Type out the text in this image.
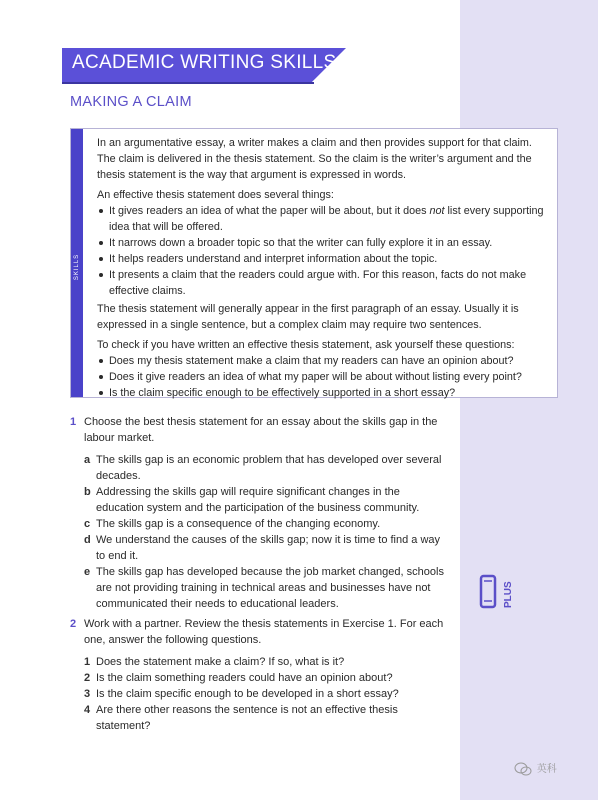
ACADEMIC WRITING SKILLS
MAKING A CLAIM
SKILLS

In an argumentative essay, a writer makes a claim and then provides support for that claim. The claim is delivered in the thesis statement. So the claim is the writer’s argument and the thesis statement is the way that argument is expressed in words.

An effective thesis statement does several things:

It gives readers an idea of what the paper will be about, but it does not list every supporting idea that will be offered.
It narrows down a broader topic so that the writer can fully explore it in an essay.
It helps readers understand and interpret information about the topic.
It presents a claim that the readers could argue with. For this reason, facts do not make effective claims.

The thesis statement will generally appear in the first paragraph of an essay. Usually it is expressed in a single sentence, but a complex claim may require two sentences.

To check if you have written an effective thesis statement, ask yourself these questions:

Does my thesis statement make a claim that my readers can have an opinion about?
Does it give readers an idea of what my paper will be about without listing every point?
Is the claim specific enough to be effectively supported in a short essay?
1 Choose the best thesis statement for an essay about the skills gap in the labour market.
a The skills gap is an economic problem that has developed over several decades.
b Addressing the skills gap will require significant changes in the education system and the participation of the business community.
c The skills gap is a consequence of the changing economy.
d We understand the causes of the skills gap; now it is time to find a way to end it.
e The skills gap has developed because the job market changed, schools are not providing training in technical areas and businesses have not communicated their needs to educational leaders.
2 Work with a partner. Review the thesis statements in Exercise 1. For each one, answer the following questions.
1 Does the statement make a claim? If so, what is it?
2 Is the claim something readers could have an opinion about?
3 Is the claim specific enough to be developed in a short essay?
4 Are there other reasons the sentence is not an effective thesis statement?
PLUS
英科
